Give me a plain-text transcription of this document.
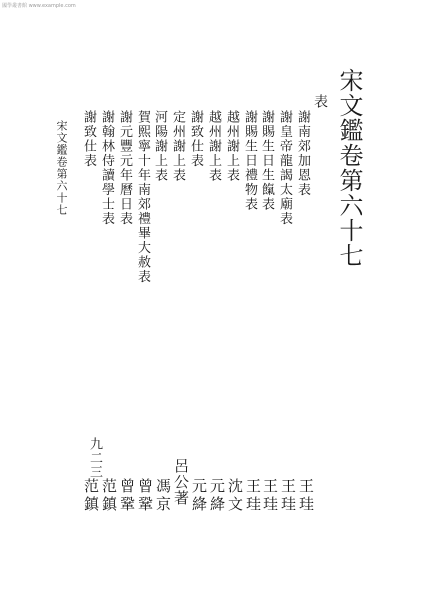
國學叢書館 www.example.com
宋文鑑卷第六十七
表
謝南郊加恩表
謝皇帝龍謁太廟表
謝賜生日生餼表
謝賜生日禮物表
越州謝上表
越州謝上表
謝致仕表
定州謝上表
河陽謝上表
賀熙寧十年南郊禮畢大赦表
謝元豐元年曆日表
謝翰林侍讀學士表
謝致仕表
宋文鑑卷第六十七
九二三
王珪
王珪
王珪
王珪
沈文
元絳
元絳
呂公著
馮京
曾鞏
曾鞏
范鎮
范鎮
